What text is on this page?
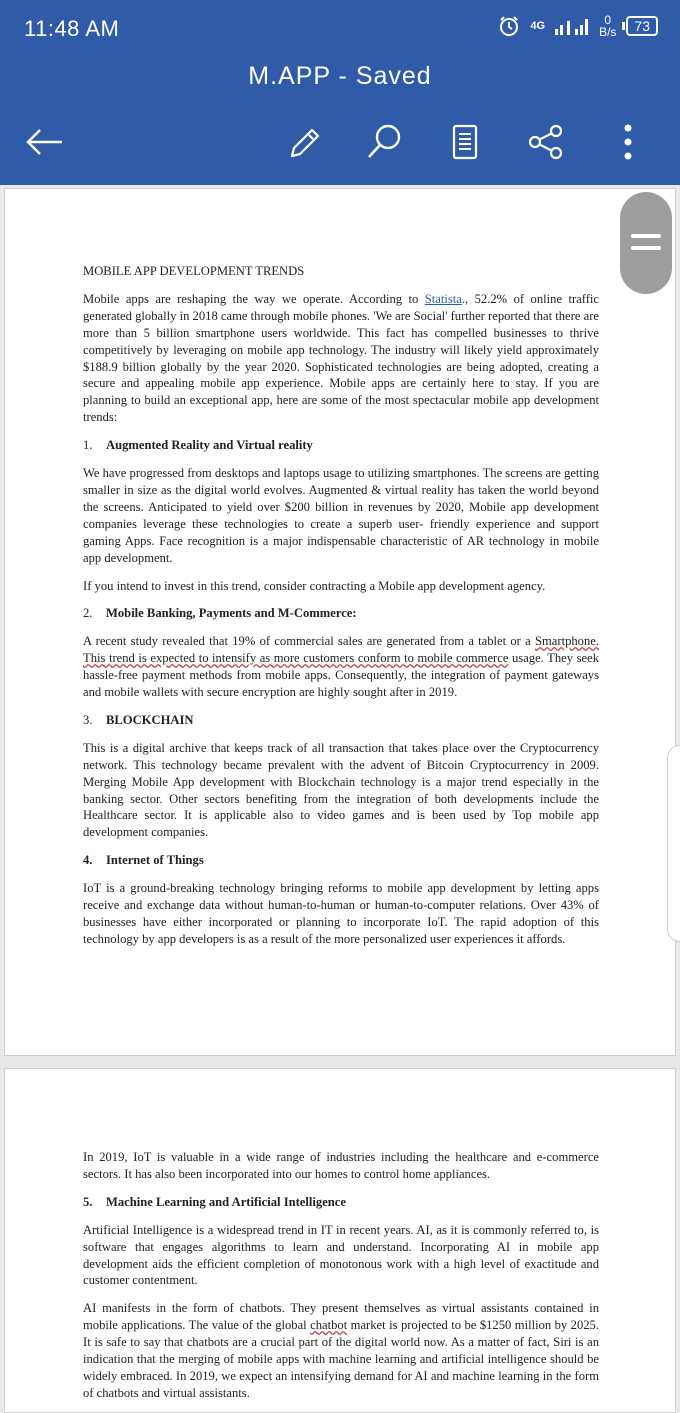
11:48 AM	4G	0
B/s	73
M.APP - Saved
MOBILE APP DEVELOPMENT TRENDS

Mobile apps are reshaping the way we operate. According to Statista., 52.2% of online traffic generated globally in 2018 came through mobile phones. 'We are Social' further reported that there are more than 5 billion smartphone users worldwide. This fact has compelled businesses to thrive competitively by leveraging on mobile app technology. The industry will likely yield approximately $188.9 billion globally by the year 2020. Sophisticated technologies are being adopted, creating a secure and appealing mobile app experience. Mobile apps are certainly here to stay. If you are planning to build an exceptional app, here are some of the most spectacular mobile app development trends:

1. Augmented Reality and Virtual reality

We have progressed from desktops and laptops usage to utilizing smartphones. The screens are getting smaller in size as the digital world evolves. Augmented & virtual reality has taken the world beyond the screens. Anticipated to yield over $200 billion in revenues by 2020, Mobile app development companies leverage these technologies to create a superb user- friendly experience and support gaming Apps. Face recognition is a major indispensable characteristic of AR technology in mobile app development.

If you intend to invest in this trend, consider contracting a Mobile app development agency.

2. Mobile Banking, Payments and M-Commerce:

A recent study revealed that 19% of commercial sales are generated from a tablet or a Smartphone. This trend is expected to intensify as more customers conform to mobile commerce usage. They seek hassle-free payment methods from mobile apps. Consequently, the integration of payment gateways and mobile wallets with secure encryption are highly sought after in 2019.

3. BLOCKCHAIN

This is a digital archive that keeps track of all transaction that takes place over the Cryptocurrency network. This technology became prevalent with the advent of Bitcoin Cryptocurrency in 2009. Merging Mobile App development with Blockchain technology is a major trend especially in the banking sector. Other sectors benefiting from the integration of both developments include the Healthcare sector. It is applicable also to video games and is been used by Top mobile app development companies.

4. Internet of Things

IoT is a ground-breaking technology bringing reforms to mobile app development by letting apps receive and exchange data without human-to-human or human-to-computer relations. Over 43% of businesses have either incorporated or planning to incorporate IoT. The rapid adoption of this technology by app developers is as a result of the more personalized user experiences it affords.

In 2019, IoT is valuable in a wide range of industries including the healthcare and e-commerce sectors. It has also been incorporated into our homes to control home appliances.

5. Machine Learning and Artificial Intelligence

Artificial Intelligence is a widespread trend in IT in recent years. AI, as it is commonly referred to, is software that engages algorithms to learn and understand. Incorporating AI in mobile app development aids the efficient completion of monotonous work with a high level of exactitude and customer contentment.

AI manifests in the form of chatbots. They present themselves as virtual assistants contained in mobile applications. The value of the global chatbot market is projected to be $1250 million by 2025. It is safe to say that chatbots are a crucial part of the digital world now. As a matter of fact, Siri is an indication that the merging of mobile apps with machine learning and artificial intelligence should be widely embraced. In 2019, we expect an intensifying demand for AI and machine learning in the form of chatbots and virtual assistants.
